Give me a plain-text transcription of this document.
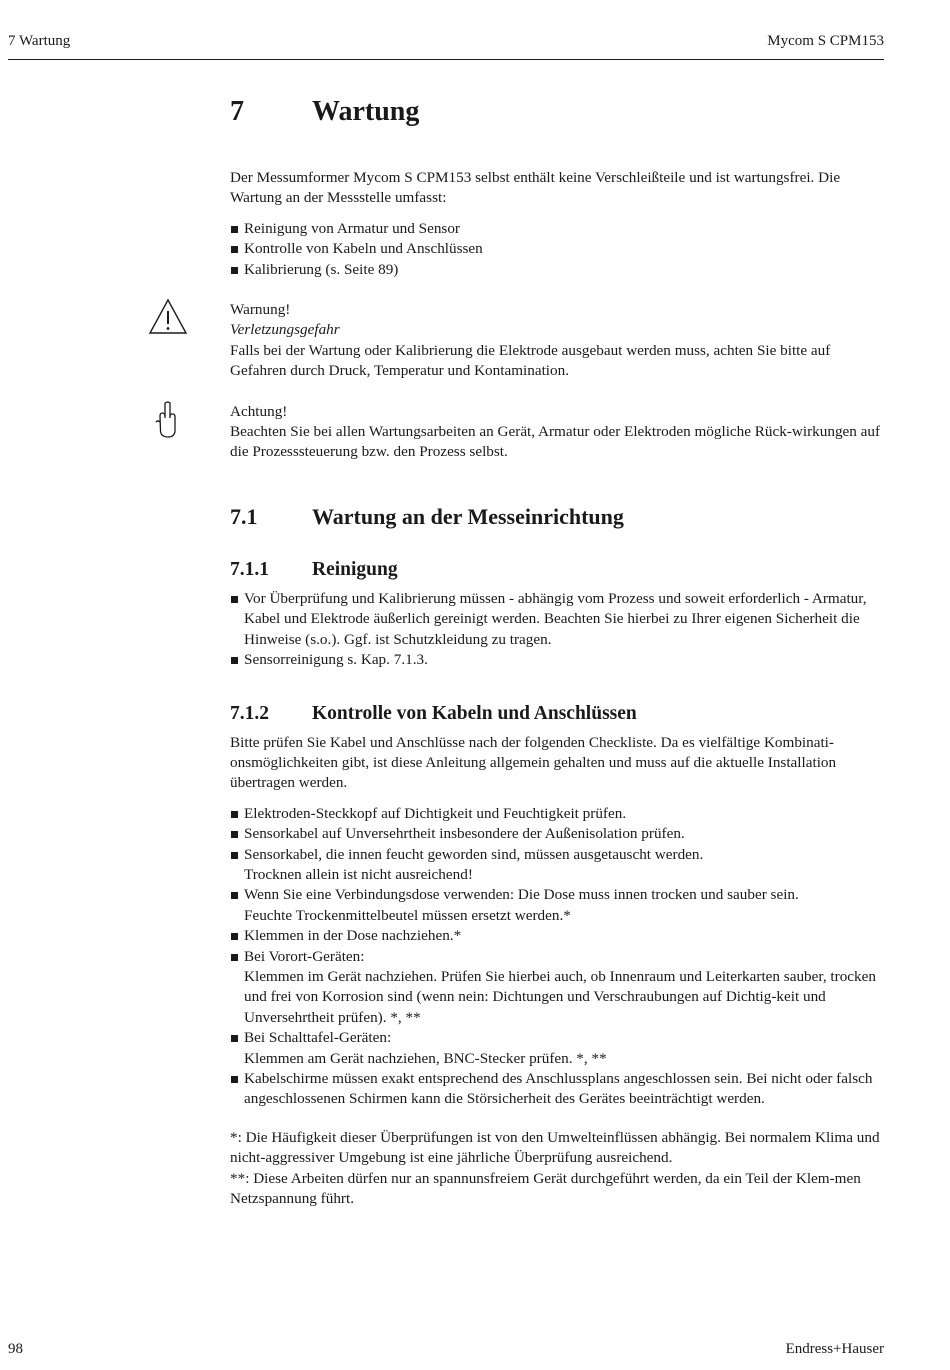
7 Wartung	Mycom S CPM153
7 Wartung

Der Messumformer Mycom S CPM153 selbst enthält keine Verschleißteile und ist wartungsfrei. Die Wartung an der Messstelle umfasst:

Reinigung von Armatur und Sensor
Kontrolle von Kabeln und Anschlüssen
Kalibrierung (s. Seite 89)

Warnung!

Verletzungsgefahr

Falls bei der Wartung oder Kalibrierung die Elektrode ausgebaut werden muss, achten Sie bitte auf Gefahren durch Druck, Temperatur und Kontamination.

Achtung!

Beachten Sie bei allen Wartungsarbeiten an Gerät, Armatur oder Elektroden mögliche Rück-wirkungen auf die Prozesssteuerung bzw. den Prozess selbst.

7.1 Wartung an der Messeinrichtung
7.1.1 Reinigung
Vor Überprüfung und Kalibrierung müssen - abhängig vom Prozess und soweit erforderlich - Armatur, Kabel und Elektrode äußerlich gereinigt werden. Beachten Sie hierbei zu Ihrer eigenen Sicherheit die Hinweise (s.o.). Ggf. ist Schutzkleidung zu tragen.
Sensorreinigung s. Kap. 7.1.3.
7.1.2 Kontrolle von Kabeln und Anschlüssen

Bitte prüfen Sie Kabel und Anschlüsse nach der folgenden Checkliste. Da es vielfältige Kombinati-onsmöglichkeiten gibt, ist diese Anleitung allgemein gehalten und muss auf die aktuelle Installation übertragen werden.

Elektroden-Steckkopf auf Dichtigkeit und Feuchtigkeit prüfen.
Sensorkabel auf Unversehrtheit insbesondere der Außenisolation prüfen.
Sensorkabel, die innen feucht geworden sind, müssen ausgetauscht werden.
Trocknen allein ist nicht ausreichend!
Wenn Sie eine Verbindungsdose verwenden: Die Dose muss innen trocken und sauber sein.
Feuchte Trockenmittelbeutel müssen ersetzt werden.*
Klemmen in der Dose nachziehen.*
Bei Vorort-Geräten:
Klemmen im Gerät nachziehen. Prüfen Sie hierbei auch, ob Innenraum und Leiterkarten sauber, trocken und frei von Korrosion sind (wenn nein: Dichtungen und Verschraubungen auf Dichtig-keit und Unversehrtheit prüfen). *, **
Bei Schalttafel-Geräten:
Klemmen am Gerät nachziehen, BNC-Stecker prüfen. *, **
Kabelschirme müssen exakt entsprechend des Anschlussplans angeschlossen sein. Bei nicht oder falsch angeschlossenen Schirmen kann die Störsicherheit des Gerätes beeinträchtigt werden.

*: Die Häufigkeit dieser Überprüfungen ist von den Umwelteinflüssen abhängig. Bei normalem Klima und nicht-aggressiver Umgebung ist eine jährliche Überprüfung ausreichend.

**: Diese Arbeiten dürfen nur an spannunsfreiem Gerät durchgeführt werden, da ein Teil der Klem-men Netzspannung führt.

98	Endress+Hauser
